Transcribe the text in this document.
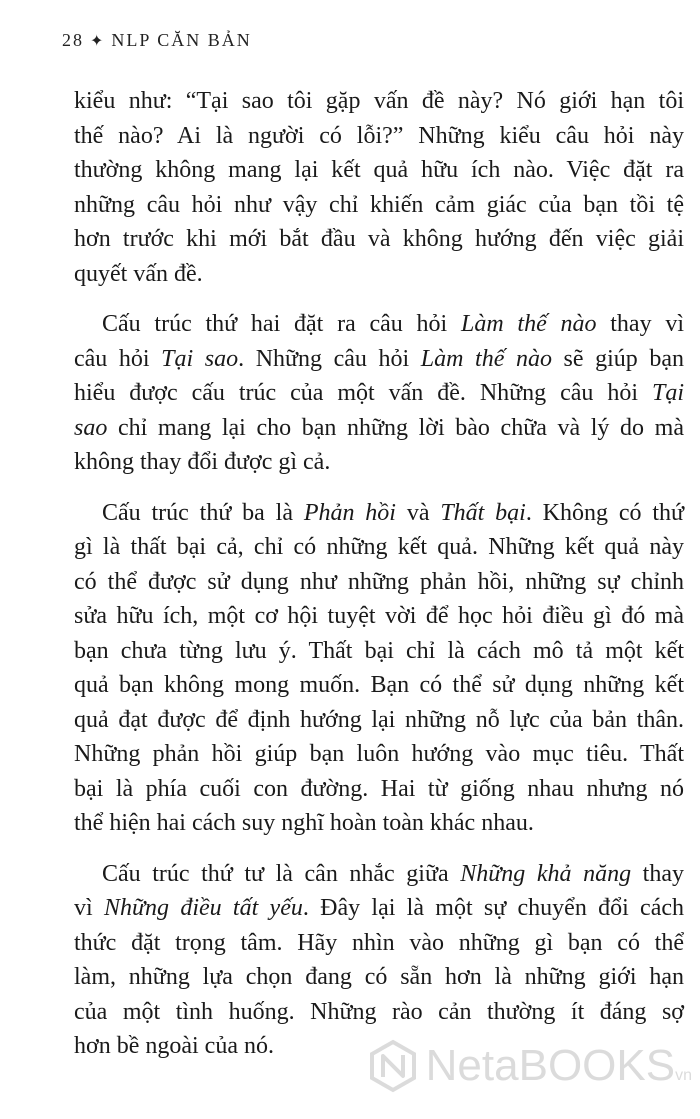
28 ✦ NLP CĂN BẢN
kiểu như: “Tại sao tôi gặp vấn đề này? Nó giới hạn tôi
thế nào? Ai là người có lỗi?” Những kiểu câu hỏi này
thường không mang lại kết quả hữu ích nào. Việc đặt ra
những câu hỏi như vậy chỉ khiến cảm giác của bạn tồi tệ
hơn trước khi mới bắt đầu và không hướng đến việc giải
quyết vấn đề.
Cấu trúc thứ hai đặt ra câu hỏi Làm thế nào thay vì
câu hỏi Tại sao. Những câu hỏi Làm thế nào sẽ giúp bạn
hiểu được cấu trúc của một vấn đề. Những câu hỏi Tại
sao chỉ mang lại cho bạn những lời bào chữa và lý do mà
không thay đổi được gì cả.
Cấu trúc thứ ba là Phản hồi và Thất bại. Không có thứ
gì là thất bại cả, chỉ có những kết quả. Những kết quả này
có thể được sử dụng như những phản hồi, những sự chỉnh
sửa hữu ích, một cơ hội tuyệt vời để học hỏi điều gì đó mà
bạn chưa từng lưu ý. Thất bại chỉ là cách mô tả một kết
quả bạn không mong muốn. Bạn có thể sử dụng những kết
quả đạt được để định hướng lại những nỗ lực của bản thân.
Những phản hồi giúp bạn luôn hướng vào mục tiêu. Thất
bại là phía cuối con đường. Hai từ giống nhau nhưng nó
thể hiện hai cách suy nghĩ hoàn toàn khác nhau.
Cấu trúc thứ tư là cân nhắc giữa Những khả năng thay
vì Những điều tất yếu. Đây lại là một sự chuyển đổi cách
thức đặt trọng tâm. Hãy nhìn vào những gì bạn có thể
làm, những lựa chọn đang có sẵn hơn là những giới hạn
của một tình huống. Những rào cản thường ít đáng sợ
hơn bề ngoài của nó.	NetaBOOKS vn
